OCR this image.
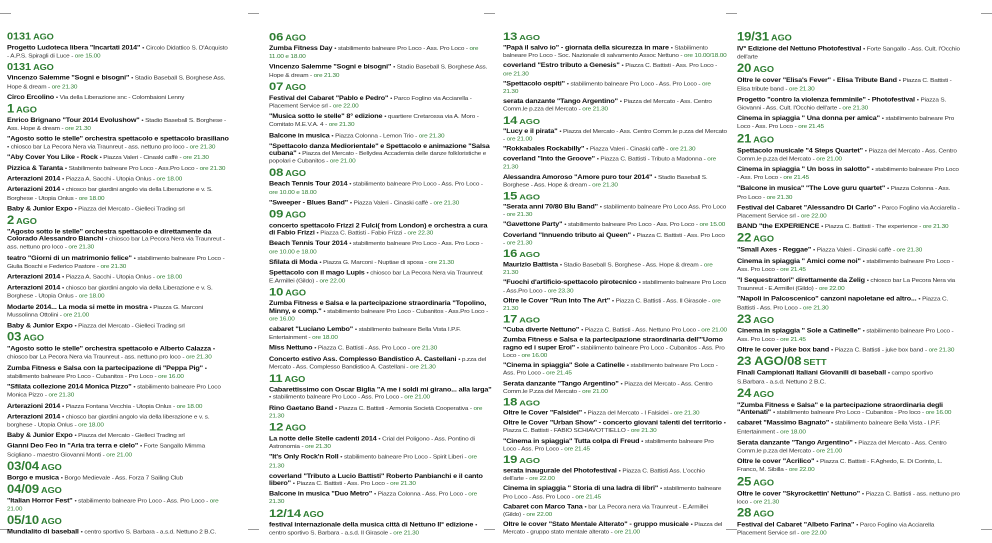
0131 AGO
Progetto Ludoteca libera "Incartati 2014" • Circolo Didattico S. D'Acquisto - A.P.S. Spiragli di Luce - ore 15.00
0131 AGO
Vincenzo Salemme "Sogni e bisogni" • Stadio Baseball S. Borghese Ass. Hope & dream - ore 21.30
Circo Ercolino • Via della Liberazione snc - Colombaioni Lenny
1 AGO
Enrico Brignano "Tour 2014 Evolushow" • Stadio Baseball S. Borghese - Ass. Hope & dream - ore 21.30
"Agosto sotto le stelle" orchestra spettacolo e spettacolo brasiliano • chiosco bar La Pecora Nera via Traunreut - ass. nettuno pro loco - ore 21.30
"Aby Cover You Like - Rock • Piazza Valeri - Cinaski caffè - ore 21.30
Pizzica & Taranta • Stabilimento balneare Pro Loco - Ass.Pro Loco - ore 21.30
Arterazioni 2014 • Piazza A. Sacchi - Utopia Onlus - ore 18.00
Arterazioni 2014 • chiosco bar giardini angolo via della Liberazione e v. S. Borghese - Utopia Onlus - ore 18.00
Baby & Junior Expo • Piazza del Mercato - Gielleci Trading srl
2 AGO
"Agosto sotto le stelle" orchestra spettacolo e direttamente da Colorado Alessandro Bianchi • chiosco bar La Pecora Nera via Traunreut - ass. nettuno pro loco - ore 21.30
teatro "Giorni di un matrimonio felice" • stabilimento balneare Pro Loco - Giulia Boschi e Federico Pastore - ore 21.30
Arterazioni 2014 • Piazza A. Sacchi - Utopia Onlus - ore 18.00
Arterazioni 2014 • chiosco bar giardini angolo via della Liberazione e v. S. Borghese - Utopia Onlus - ore 18.00
Modarte 2014... La moda si mette in mostra • Piazza G. Marconi Mussolinna Ottolini - ore 21.00
Baby & Junior Expo • Piazza del Mercato - Gielleci Trading srl
03 AGO
"Agosto sotto le stelle" orchestra spettacolo e Alberto Calazza • chiosco bar La Pecora Nera via Traunreut - ass. nettuno pro loco - ore 21.30
Zumba Fitness e Salsa con la partecipazione di "Peppa Pig" • stabilimento balneare Pro Loco - Cubanitos - Pro Loco - ore 16.00
"Sfilata collezione 2014 Monica Pizzo" • stabilimento balneare Pro Loco Monica Pizzo - ore 21.30
Arterazioni 2014 • Piazza Fontana Vecchia - Utopia Onlus - ore 18.00
Arterazioni 2014 • chiosco bar giardini angolo via della liberazione e v. s. borghese - Utopia Onlus - ore 18.00
Baby & Junior Expo • Piazza del Mercato - Gielleci Trading srl
Gianni Deo Feo in "Aria tra terra e cielo" • Forte Sangallo Mimma Scigliano - maestro Giovanni Monti - ore 21.00
03/04 AGO
Borgo e musica • Borgo Medievale - Ass. Forza 7 Sailing Club
04/09 AGO
"Italian Horror Fest" • stabilimento balneare Pro Loco - Ass. Pro Loco - ore 21.00
05/10 AGO
Mundialito di baseball • centro sportivo S. Barbara - a.s.d. Nettuno 2 B.C.
06 AGO
Zumba Fitness Day • stabilimento balneare Pro Loco - Ass. Pro Loco - ore 11.00 e 18.00
Vincenzo Salemme "Sogni e bisogni" • Stadio Baseball S. Borghese Ass. Hope & dream - ore 21.30
07 AGO
Festival del Cabaret "Pablo e Pedro" • Parco Foglino via Acciarella - Placement Service srl - ore 22.00
"Musica sotto le stelle" 8° edizione • quartiere Cretarossa via A. Moro - Comitato M.E.V.A. 4 - ore 21.30
Balcone in musica • Piazza Colonna - Lemon Trio - ore 21.30
"Spettacolo danza Mediorientale" e Spettacolo e animazione "Salsa cubana" • Piazza del Mercato - Bellydea Accademia delle danze folkloristiche e popolari e Cubanitos - ore 21.00
08 AGO
Beach Tennis Tour 2014 • stabilimento balneare Pro Loco - Ass. Pro Loco - ore 10.00 e 18.00
"Sweeper - Blues Band" • Piazza Valeri - Cinaski caffè - ore 21.30
09 AGO
concerto spettacolo Frizzi 2 Fulci( from London) e orchestra a cura di Fabio Frizzi • Piazza C. Battisti - Fabio Frizzi - ore 22.30
Beach Tennis Tour 2014 • stabilimento balneare Pro Loco - Ass. Pro Loco - ore 10.00 e 18.00
Sfilata di Moda • Piazza G. Marconi - Nuptiae di sposa - ore 21.30
Spettacolo con il mago Lupis • chiosco bar La Pecora Nera via Traunreut E.Armillei (Gildo) - ore 22.00
10 AGO
Zumba Fitness e Salsa e la partecipazione straordinaria "Topolino, Minny, e comp." • stabilimento balneare Pro Loco - Cubanitos - Ass.Pro Loco - ore 16.00
cabaret "Luciano Lembo" • stabilimento balneare Bella Vista I.P.F. Entertainment - ore 18.00
Miss Nettuno • Piazza C. Battisti - Ass. Pro Loco - ore 21.30
Concerto estivo Ass. Complesso Bandistico A. Castellani • p.zza del Mercato - Ass. Complesso Bandistico A. Castellani - ore 21.30
11 AGO
Cabarettissimo con Oscar Biglia "A me i soldi mi girano... alla larga" • stabilimento balneare Pro Loco - Ass. Pro Loco - ore 21.00
Rino Gaetano Band • Piazza C. Battisti - Armonia Società Cooperativa - ore 21.30
12 AGO
La notte delle Stelle cadenti 2014 • Crial del Poligono - Ass. Pontino di Astronomia - ore 21.30
"It's Only Rock'n Roll • stabilimento balneare Pro Loco - Spirit Liberi - ore 21.30
coverland "Tributo a Lucio Battisti" Roberto Panbianchi e il canto libero" • Piazza C. Battisti - Ass. Pro Loco - ore 21.30
Balcone in musica "Duo Metro" • Piazza Colonna - Ass. Pro Loco - ore 21.30
12/14 AGO
festival internazionale della musica città di Nettuno II° edizione • centro sportivo S. Barbara - a.s.d. Il Girasole - ore 21.30
13 AGO
"Papà il salvo io" - giornata della sicurezza in mare • Stabilimento balneare Pro Loco - Soc. Nazionale di salvamento Assoc Nettuno - ore 10.00/18.00
coverland "Estro tributo a Genesis" • Piazza C. Battisti - Ass. Pro Loco - ore 21.30
"Spettacolo ospiti" • stabilimento balneare Pro Loco - Ass. Pro Loco - ore 21.30
serata danzante "Tango Argentino" • Piazza del Mercato - Ass. Centro Comm.le p.zza del Mercato - ore 21.30
14 AGO
"Lucy e il pirata" • Piazza del Mercato - Ass. Centro Comm.le p.zza del Mercato - ore 21.00
"Rokkabales Rockabilly" • Piazza Valeri - Cinaski caffè - ore 21.30
coverland "Into the Groove" • Piazza C. Battisti - Tributo a Madonna - ore 21.30
Alessandra Amoroso "Amore puro tour 2014" • Stadio Baseball S. Borghese - Ass. Hope & dream - ore 21.30
15 AGO
"Serata anni 70/80 Blu Band" • stabilimento balneare Pro Loco Ass. Pro Loco - ore 21.30
"Gavettone Party" • stabilimento balneare Pro Loco - Ass. Pro Loco - ore 15.00
Coverland "Innuendo tributo ai Queen" • Piazza C. Battisti - Ass. Pro Loco - ore 21.30
16 AGO
Maurizio Battista • Stadio Baseball S. Borghese - Ass. Hope & dream - ore 21.30
"Fuochi d'artificio-spettacolo pirotecnico • stabilimento balneare Pro Loco - Ass.Pro Loco - ore 23.30
Oltre le Cover "Run Into The Art" • Piazza C. Battisti - Ass. Il Girasole - ore 21.30
17 AGO
"Cuba diverte Nettuno" • Piazza C. Battisti - Ass. Nettuno Pro Loco - ore 21.00
Zumba Fitness e Salsa e la partecipazione straordinaria dell'"Uomo ragno ed i super Eroi" • stabilimento balneare Pro Loco - Cubanitos - Ass. Pro Loco - ore 16.00
"Cinema in spiaggia" Sole a Catinelle • stabilimento balneare Pro Loco - Ass. Pro Loco - ore 21.45
Serata danzante "Tango Argentino" • Piazza del Mercato - Ass. Centro Comm.le P.zza del Mercato - ore 21.00
18 AGO
Oltre le Cover "Falsidei" • Piazza del Mercato - I Falsidei - ore 21.30
Oltre le Cover "Urban Show" - concerto giovani talenti del territorio • Piazza C. Battisti - FABIO SCHIAVOTTIELLO - ore 21.30
"Cinema in spiaggia" Tutta colpa di Freud • stabilimento balneare Pro Loco - Ass. Pro Loco - ore 21.45
19 AGO
serata inaugurale del Photofestival • Piazza C. Battisti Ass. L'occhio dell'arte - ore 22.00
Cinema in spiaggia " Storia di una ladra di libri" • stabilimento balneare Pro Loco - Ass. Pro Loco - ore 21.45
Cabaret con Marco Tana • bar La Pecora nera via Traunreut - E.Armillei (Gildo) - ore 22.00
Oltre le cover "Stato Mentale Alterato" - gruppo musicale • Piazza del Mercato - gruppo stato mentale alterato - ore 21.00
19/31 AGO
IV° Edizione del Nettuno Photofestival • Forte Sangallo - Ass. Cult. l'Occhio dell'arte
20 AGO
Oltre le cover "Elisa's Fever" - Elisa Tribute Band • Piazza C. Battisti - Elisa tribute band - ore 21.30
Progetto "contro la violenza femminile" - Photofestival • Piazza S. Giovanni - Ass. Cult. l'Occhio dell'arte - ore 21.30
Cinema in spiaggia " Una donna per amica" • stabilimento balneare Pro Loco - Ass. Pro Loco - ore 21.45
21 AGO
Spettacolo musicale "4 Steps Quartet" • Piazza del Mercato - Ass. Centro Comm.le p.zza del Mercato - ore 21.00
Cinema in spiaggia " Un boss in salotto" • stabilimento balneare Pro Loco - Ass. Pro Loco - ore 21.45
"Balcone in musica" "The Love guru quartet" • Piazza Colonna - Ass. Pro Loco - ore 21.30
Festival del Cabaret "Alessandro Di Carlo" • Parco Foglino via Acciarella - Placement Service srl - ore 22.00
BAND "the EXPERIENCE • Piazza C. Battisti - The experience - ore 21.30
22 AGO
"Small Axes - Reggae" • Piazza Valeri - Cinaski caffè - ore 21.30
Cinema in spiaggia " Amici come noi" • stabilimento balneare Pro Loco - Ass. Pro Loco - ore 21.45
"I Sequestrattori" direttamente da Zelig • chiosco bar La Pecora Nera via Traunreut - E.Armillei (Gildo) - ore 22.00
"Napoli in Palcoscenico" canzoni napoletane ed altro... • Piazza C. Battisti - Ass. Pro Loco - ore 21.30
23 AGO
Cinema in spiaggia " Sole a Catinelle" • stabilimento balneare Pro Loco - Ass. Pro Loco - ore 21.45
Oltre le cover juke box band • Piazza C. Battisti - juke box band - ore 21.30
23 AGO/08 SETT
Finali Campionati Italiani Giovanili di baseball • campo sportivo S.Barbara - a.s.d. Nettuno 2 B.C.
24 AGO
"Zumba Fitness e Salsa" e la partecipazione straordinaria degli "Antenati" • stabilimento balneare Pro Loco - Cubanitos - Pro loco - ore 16.00
cabaret "Massimo Bagnato" • stabilimento balneare Bella Vista - I.P.F. Entertainment - ore 18.00
Serata danzante "Tango Argentino" • Piazza del Mercato - Ass. Centro Comm.le p.zza del Mercato - ore 21.00
Oltre le cover "Acrilico" • Piazza C. Battisti - F.Aghedo, E. Di Corinto, L. Franco, M. Sibilla - ore 22.00
25 AGO
Oltre le cover "Skyrockettin' Nettuno" • Piazza C. Battisti - ass. nettuno pro loco - ore 21.30
28 AGO
Festival del Cabaret "Albeto Farina" • Parco Foglino via Acciarella Placement Service srl - ore 22.00
